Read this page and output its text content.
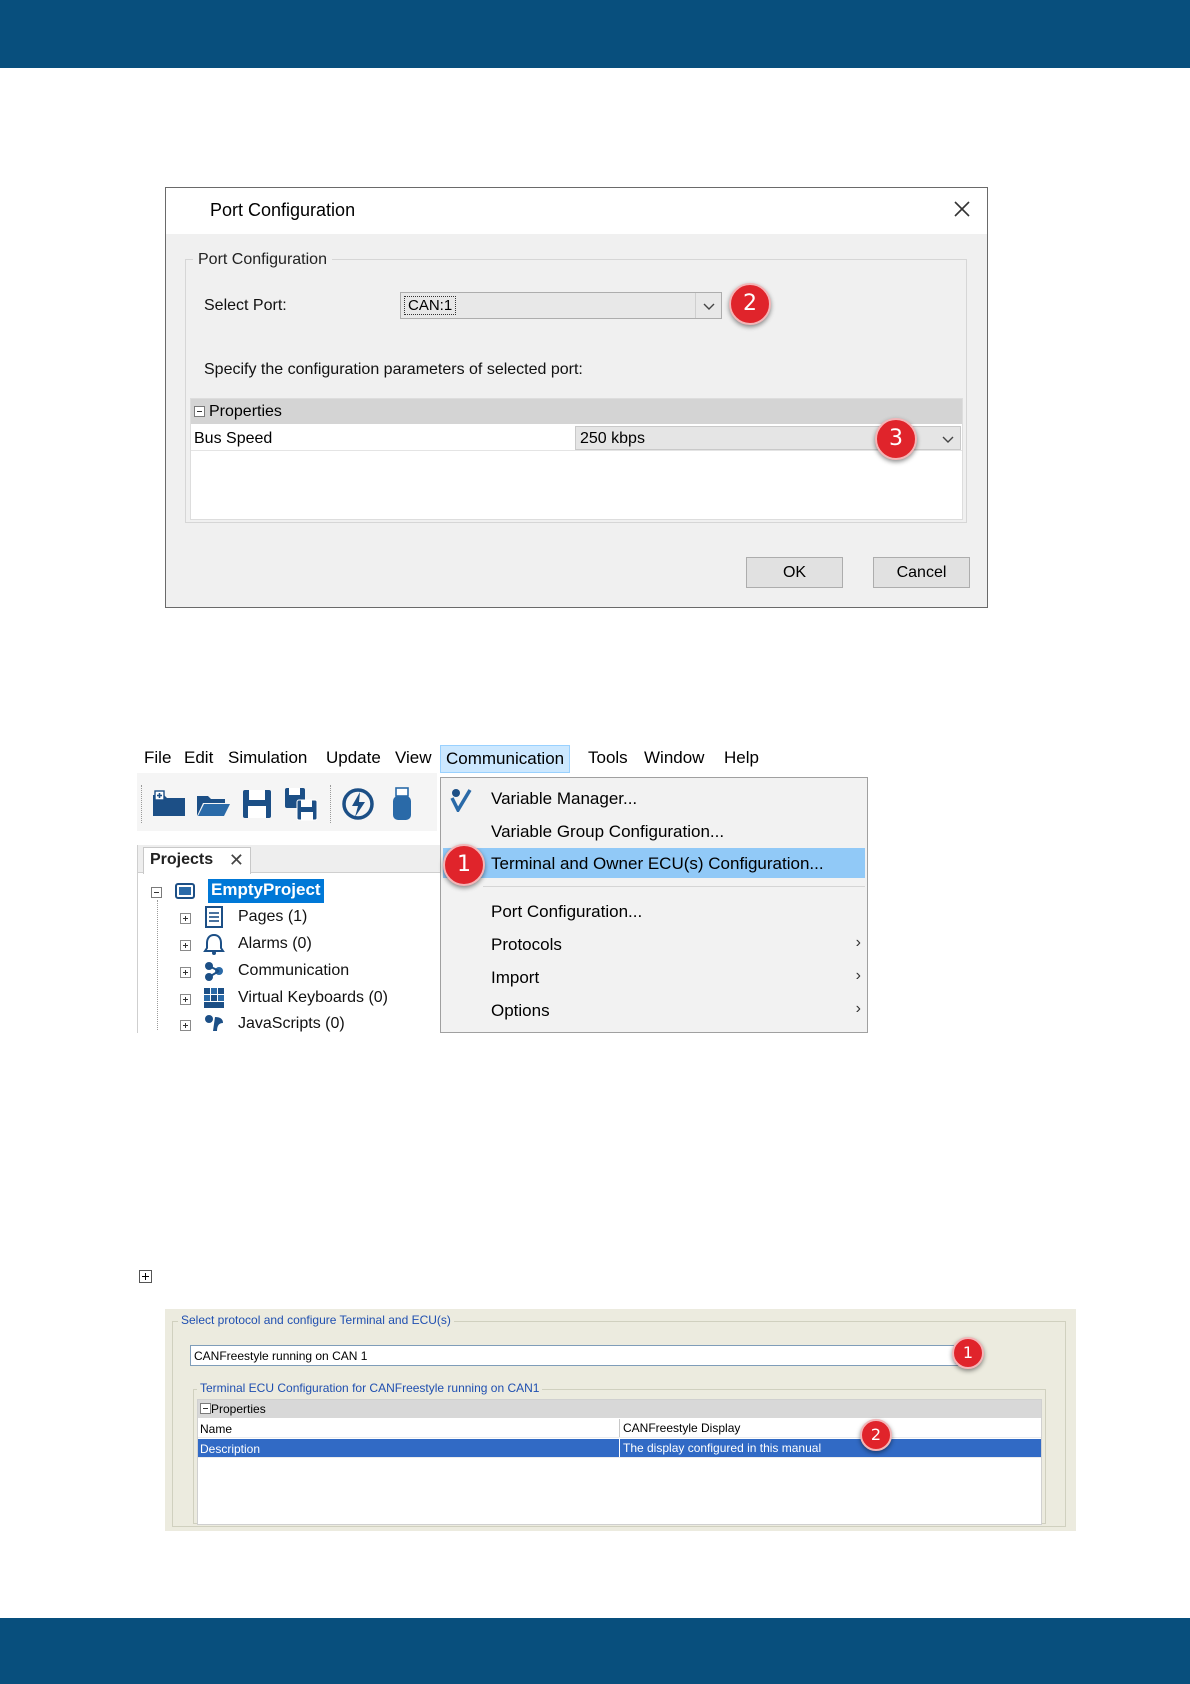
Port Configuration
Port Configuration
Select Port:	CAN:1	2
Specify the configuration parameters of selected port:
Properties
Bus Speed	250 kbps	3
OK	Cancel
File Edit Simulation Update View Communication	Tools Window Help
Projects ✕
EmptyProject
Pages (1)
Alarms (0)
Communication
Virtual Keyboards (0)
JavaScripts (0)
Variable Manager...
Variable Group Configuration...
Terminal and Owner ECU(s) Configuration...
Port Configuration...
Protocols	›
Import	›
Options	›
1
Select protocol and configure Terminal and ECU(s)
CANFreestyle running on CAN 1	1
Terminal ECU Configuration for CANFreestyle running on CAN1
Properties
Name	CANFreestyle Display
Description	The display configured in this manual
2
